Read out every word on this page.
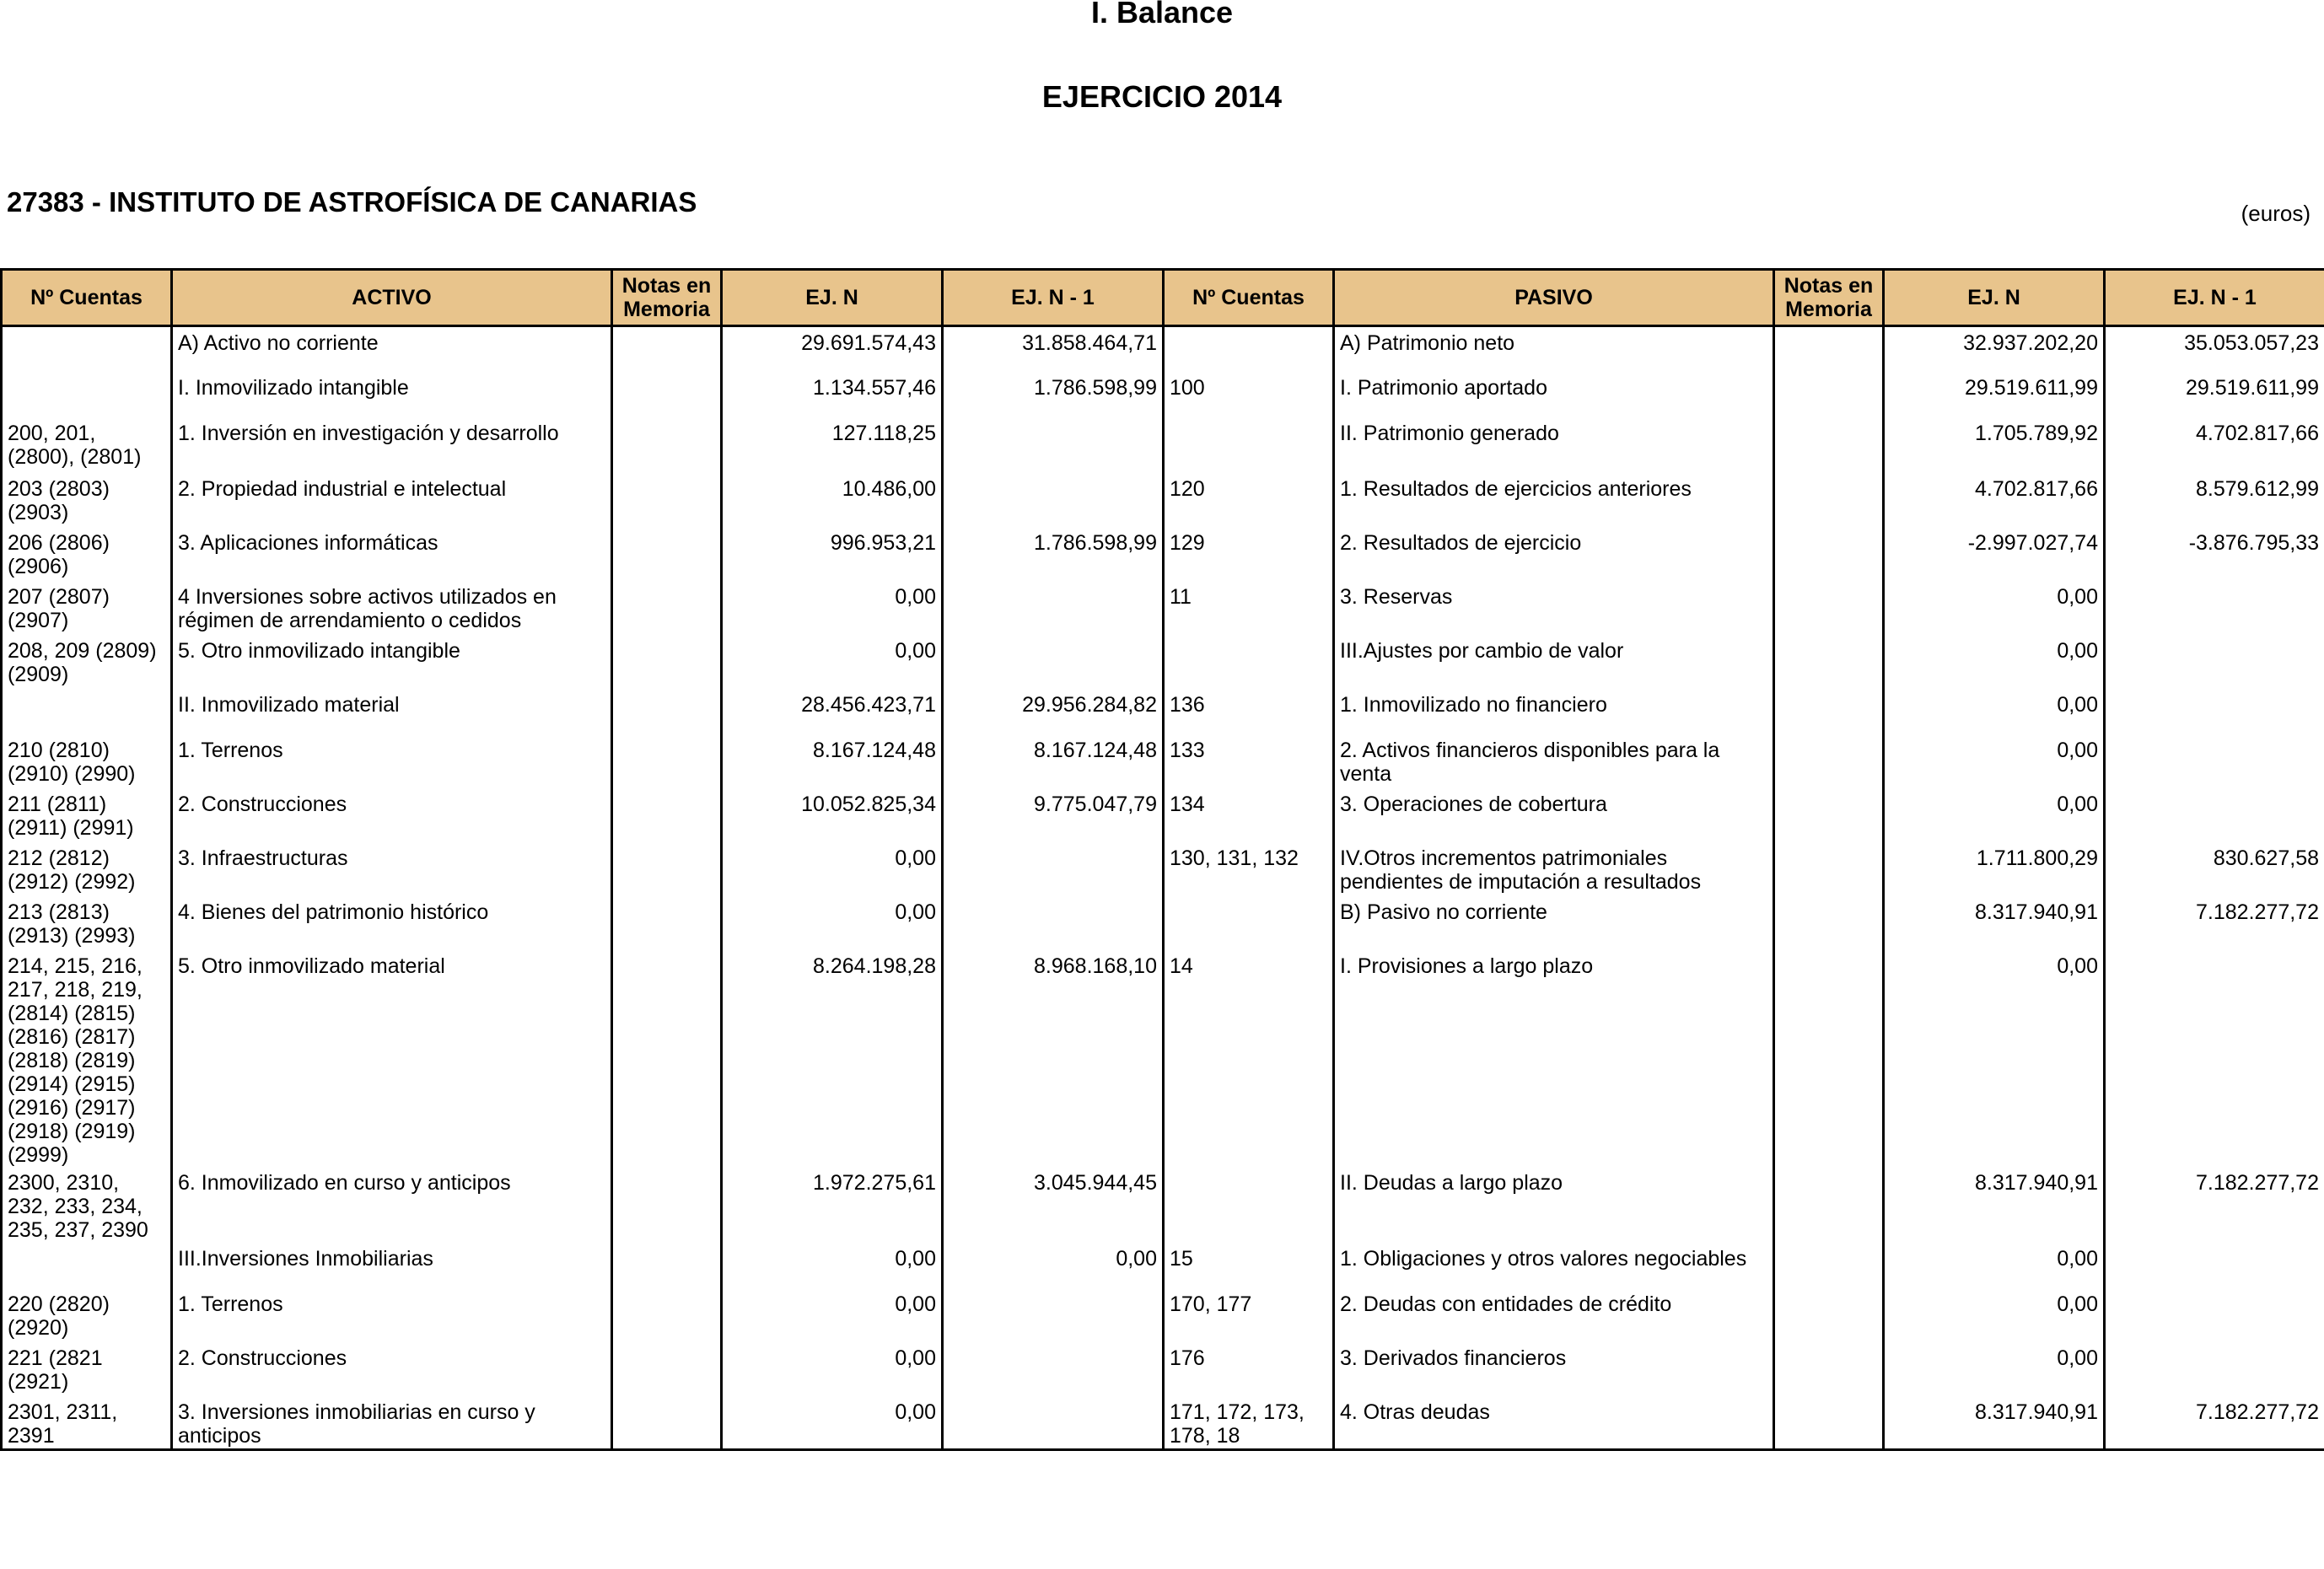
I. Balance
EJERCICIO 2014
27383 - INSTITUTO DE ASTROFÍSICA DE CANARIAS	(euros)
Nº Cuentas	ACTIVO	Notas en Memoria	EJ. N	EJ. N - 1	Nº Cuentas	PASIVO	Notas en Memoria	EJ. N	EJ. N - 1
	A) Activo no corriente		29.691.574,43	31.858.464,71		A) Patrimonio neto		32.937.202,20	35.053.057,23
	I. Inmovilizado intangible		1.134.557,46	1.786.598,99	100	I. Patrimonio aportado		29.519.611,99	29.519.611,99
200, 201, (2800), (2801)	1. Inversión en investigación y desarrollo		127.118,25			II. Patrimonio generado		1.705.789,92	4.702.817,66
203 (2803) (2903)	2. Propiedad industrial e intelectual		10.486,00		120	1. Resultados de ejercicios anteriores		4.702.817,66	8.579.612,99
206 (2806) (2906)	3. Aplicaciones informáticas		996.953,21	1.786.598,99	129	2. Resultados de ejercicio		-2.997.027,74	-3.876.795,33
207 (2807) (2907)	4 Inversiones sobre activos utilizados en régimen de arrendamiento o cedidos		0,00		11	3. Reservas		0,00	
208, 209 (2809) (2909)	5. Otro inmovilizado intangible		0,00			III.Ajustes por cambio de valor		0,00	
	II. Inmovilizado material		28.456.423,71	29.956.284,82	136	1. Inmovilizado no financiero		0,00	
210 (2810) (2910) (2990)	1. Terrenos		8.167.124,48	8.167.124,48	133	2. Activos financieros disponibles para la venta		0,00	
211 (2811) (2911) (2991)	2. Construcciones		10.052.825,34	9.775.047,79	134	3. Operaciones de cobertura		0,00	
212 (2812) (2912) (2992)	3. Infraestructuras		0,00		130, 131, 132	IV.Otros incrementos patrimoniales pendientes de imputación a resultados		1.711.800,29	830.627,58
213 (2813) (2913) (2993)	4. Bienes del patrimonio histórico		0,00			B) Pasivo no corriente		8.317.940,91	7.182.277,72
214, 215, 216, 217, 218, 219, (2814) (2815) (2816) (2817) (2818) (2819) (2914) (2915) (2916) (2917) (2918) (2919) (2999)	5. Otro inmovilizado material		8.264.198,28	8.968.168,10	14	I. Provisiones a largo plazo		0,00	
2300, 2310, 232, 233, 234, 235, 237, 2390	6. Inmovilizado en curso y anticipos		1.972.275,61	3.045.944,45		II. Deudas a largo plazo		8.317.940,91	7.182.277,72
	III.Inversiones Inmobiliarias		0,00	0,00	15	1. Obligaciones y otros valores negociables		0,00	
220 (2820) (2920)	1. Terrenos		0,00		170, 177	2. Deudas con entidades de crédito		0,00	
221 (2821 (2921)	2. Construcciones		0,00		176	3. Derivados financieros		0,00	
2301, 2311, 2391	3. Inversiones inmobiliarias en curso y anticipos		0,00		171, 172, 173, 178, 18	4. Otras deudas		8.317.940,91	7.182.277,72
